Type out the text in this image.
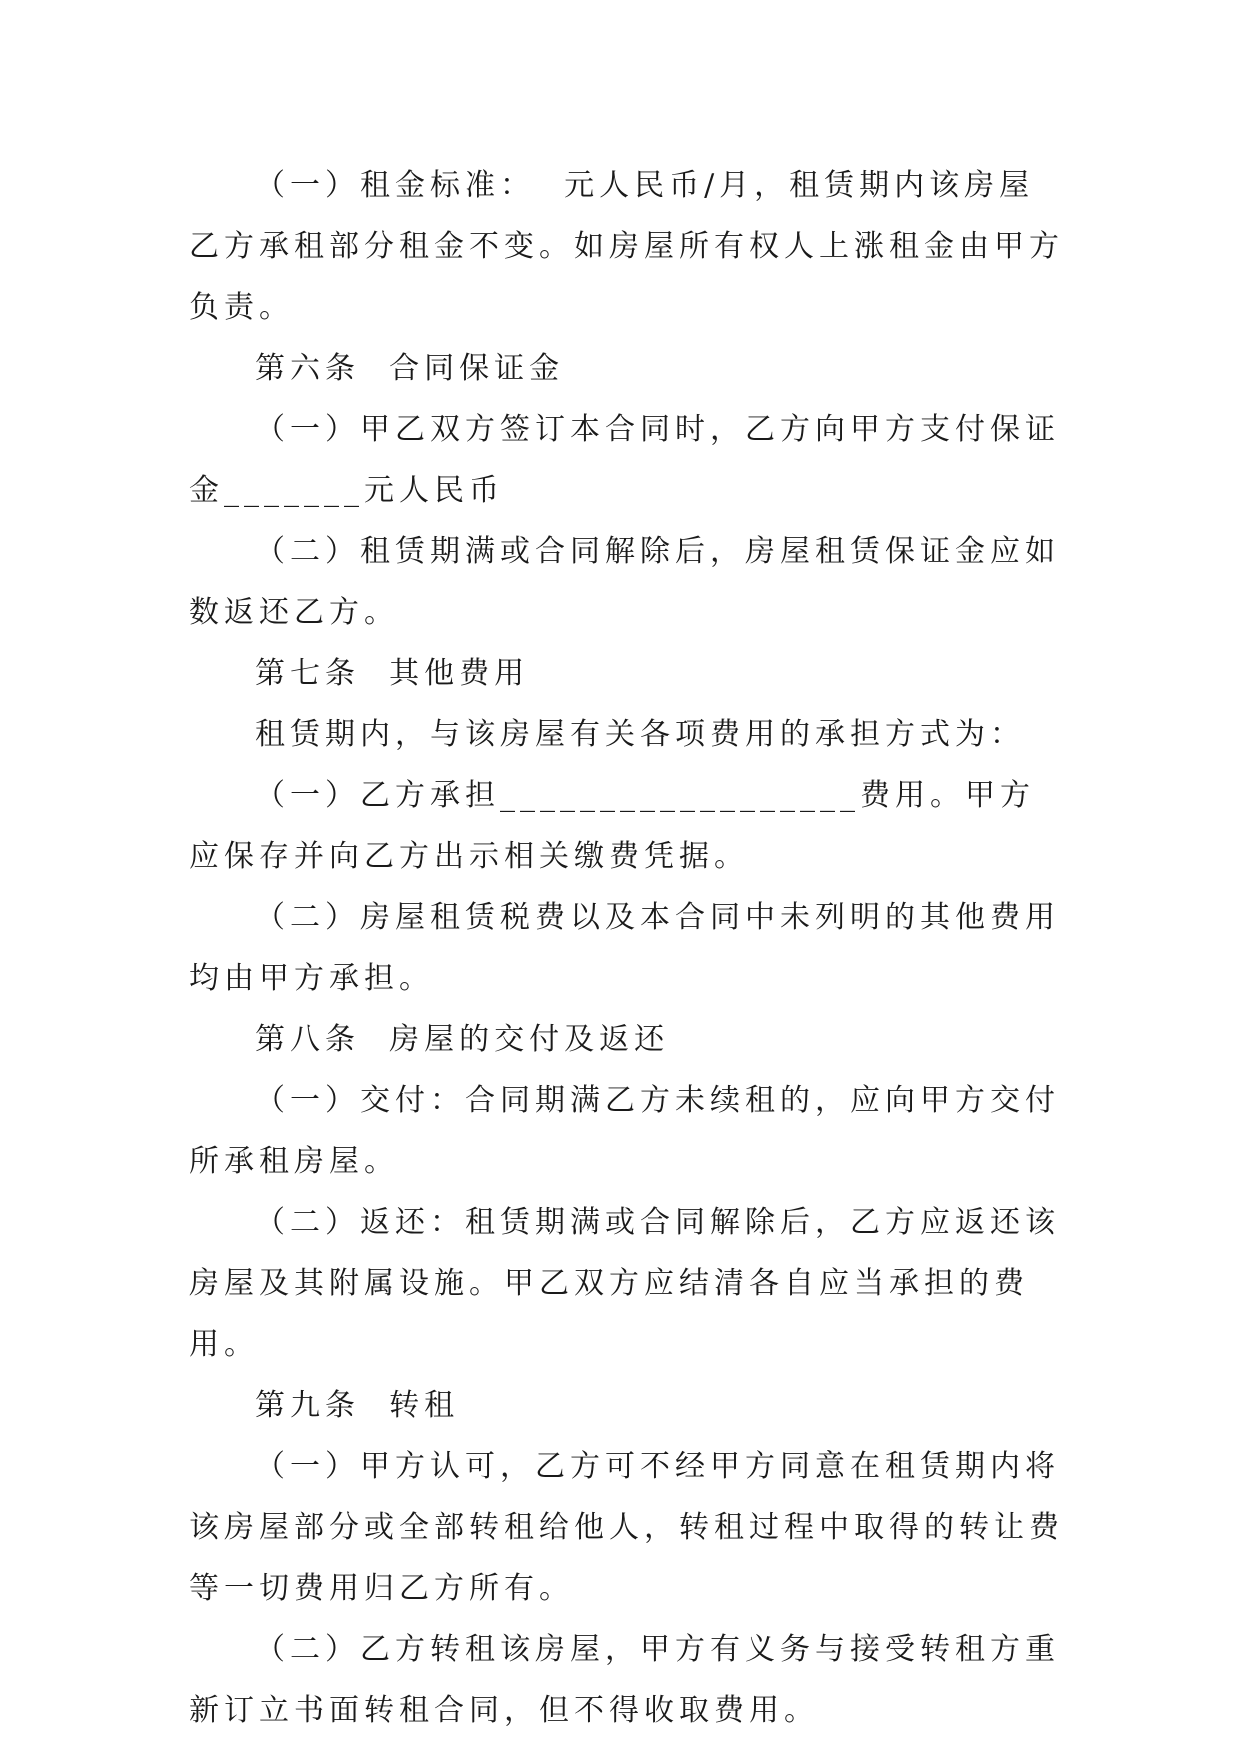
（一）租金标准：  元人民币/月，租赁期内该房屋乙方承租部分租金不变。如房屋所有权人上涨租金由甲方负责。

第六条  合同保证金

（一）甲乙双方签订本合同时，乙方向甲方支付保证金_______元人民币

（二）租赁期满或合同解除后，房屋租赁保证金应如数返还乙方。

第七条  其他费用

租赁期内，与该房屋有关各项费用的承担方式为：

（一）乙方承担__________________费用。甲方应保存并向乙方出示相关缴费凭据。

（二）房屋租赁税费以及本合同中未列明的其他费用均由甲方承担。

第八条  房屋的交付及返还

（一）交付：合同期满乙方未续租的，应向甲方交付所承租房屋。

（二）返还：租赁期满或合同解除后，乙方应返还该房屋及其附属设施。甲乙双方应结清各自应当承担的费用。

第九条  转租

（一）甲方认可，乙方可不经甲方同意在租赁期内将该房屋部分或全部转租给他人，转租过程中取得的转让费等一切费用归乙方所有。

（二）乙方转租该房屋，甲方有义务与接受转租方重新订立书面转租合同，但不得收取费用。
